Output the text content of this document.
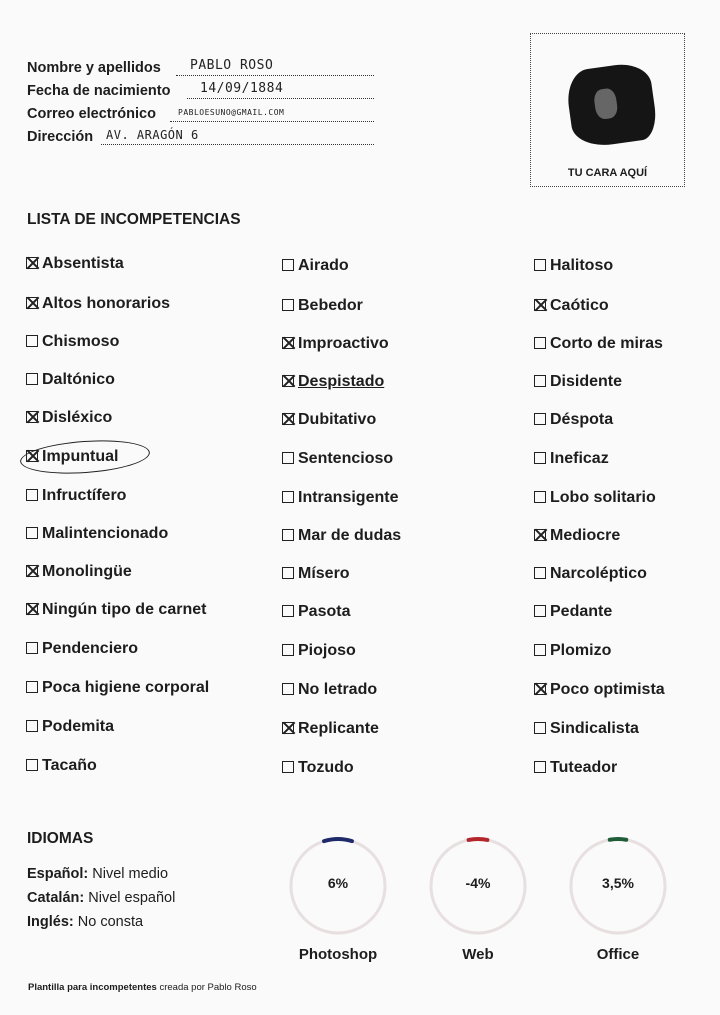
Nombre y apellidos PABLO ROSO
Fecha de nacimiento 14/09/1884
Correo electrónico	PABLOESUNO@GMAIL.COM
Dirección AV. ARAGÓN 6
TU CARA AQUÍ
LISTA DE INCOMPETENCIAS
Absentista
Altos honorarios
Chismoso
Daltónico
Disléxico
Impuntual
Infructífero
Malintencionado
Monolingüe
Ningún tipo de carnet
Pendenciero
Poca higiene corporal
Podemita
Tacaño
Airado
Bebedor
Improactivo
Despistado
Dubitativo
Sentencioso
Intransigente
Mar de dudas
Mísero
Pasota
Piojoso
No letrado
Replicante
Tozudo
Halitoso
Caótico
Corto de miras
Disidente
Déspota
Ineficaz
Lobo solitario
Mediocre
Narcoléptico
Pedante
Plomizo
Poco optimista
Sindicalista
Tuteador
IDIOMAS
Español: Nivel medio
Catalán: Nivel español
Inglés: No consta
6%
Photoshop
-4%
Web
3,5%
Office
Plantilla para incompetentes creada por Pablo Roso
